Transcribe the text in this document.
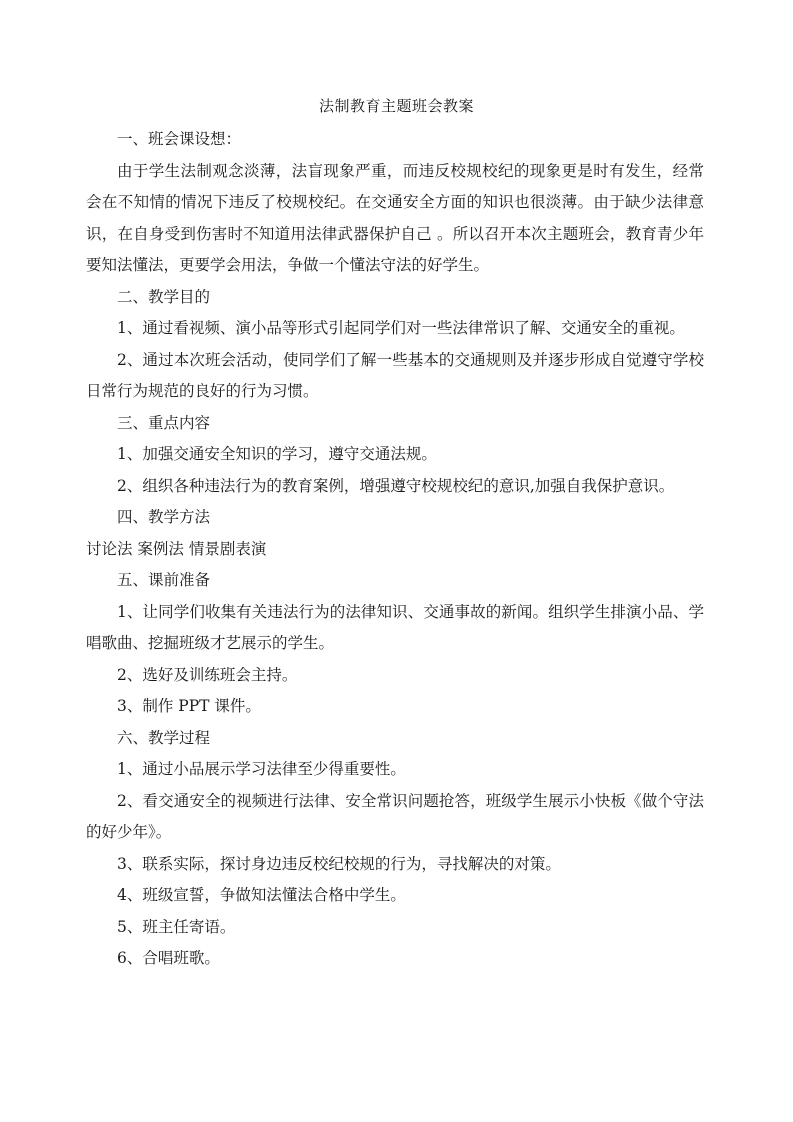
法制教育主题班会教案

一、班会课设想：

由于学生法制观念淡薄，法盲现象严重，而违反校规校纪的现象更是时有发生，经常会在不知情的情况下违反了校规校纪。在交通安全方面的知识也很淡薄。由于缺少法律意识，在自身受到伤害时不知道用法律武器保护自己 。所以召开本次主题班会，教育青少年要知法懂法，更要学会用法，争做一个懂法守法的好学生。

二、教学目的

1、通过看视频、演小品等形式引起同学们对一些法律常识了解、交通安全的重视。

2、通过本次班会活动，使同学们了解一些基本的交通规则及并逐步形成自觉遵守学校日常行为规范的良好的行为习惯。

三、重点内容

1、加强交通安全知识的学习，遵守交通法规。

2、组织各种违法行为的教育案例，增强遵守校规校纪的意识,加强自我保护意识。

四、教学方法

讨论法 案例法 情景剧表演

五、课前准备

1、让同学们收集有关违法行为的法律知识、交通事故的新闻。组织学生排演小品、学唱歌曲、挖掘班级才艺展示的学生。

2、选好及训练班会主持。

3、制作 PPT 课件。

六、教学过程

1、通过小品展示学习法律至少得重要性。

2、看交通安全的视频进行法律、安全常识问题抢答，班级学生展示小快板《做个守法的好少年》。

3、联系实际，探讨身边违反校纪校规的行为，寻找解决的对策。

4、班级宣誓，争做知法懂法合格中学生。

5、班主任寄语。

6、合唱班歌。
